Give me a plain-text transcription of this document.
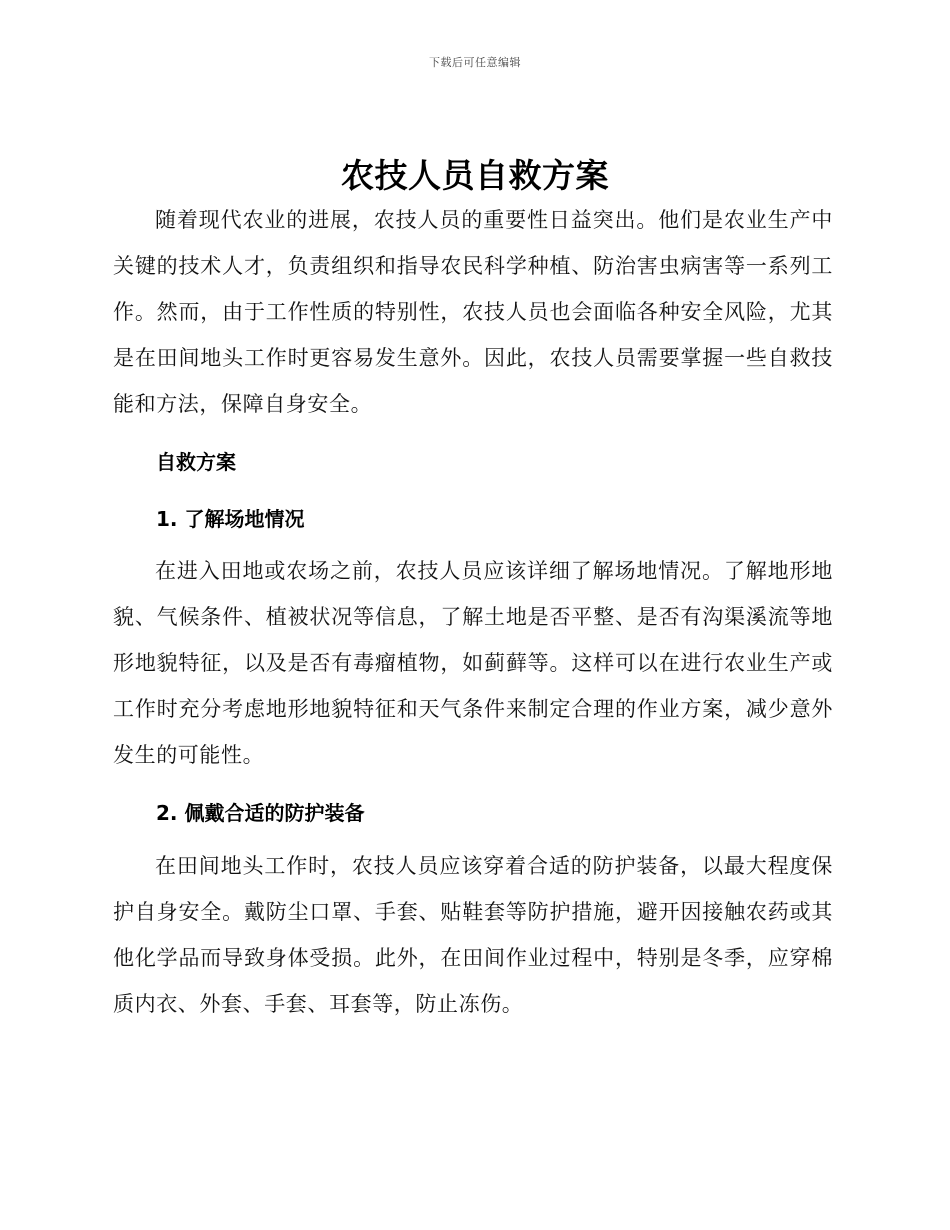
下载后可任意编辑
农技人员自救方案

随着现代农业的进展，农技人员的重要性日益突出。他们是农业生产中关键的技术人才，负责组织和指导农民科学种植、防治害虫病害等一系列工作。然而，由于工作性质的特别性，农技人员也会面临各种安全风险，尤其是在田间地头工作时更容易发生意外。因此，农技人员需要掌握一些自救技能和方法，保障自身安全。

自救方案
1. 了解场地情况

在进入田地或农场之前，农技人员应该详细了解场地情况。了解地形地貌、气候条件、植被状况等信息，了解土地是否平整、是否有沟渠溪流等地形地貌特征，以及是否有毒瘤植物，如蓟藓等。这样可以在进行农业生产或工作时充分考虑地形地貌特征和天气条件来制定合理的作业方案，减少意外发生的可能性。

2. 佩戴合适的防护装备

在田间地头工作时，农技人员应该穿着合适的防护装备，以最大程度保护自身安全。戴防尘口罩、手套、贴鞋套等防护措施，避开因接触农药或其他化学品而导致身体受损。此外，在田间作业过程中，特别是冬季，应穿棉质内衣、外套、手套、耳套等，防止冻伤。
